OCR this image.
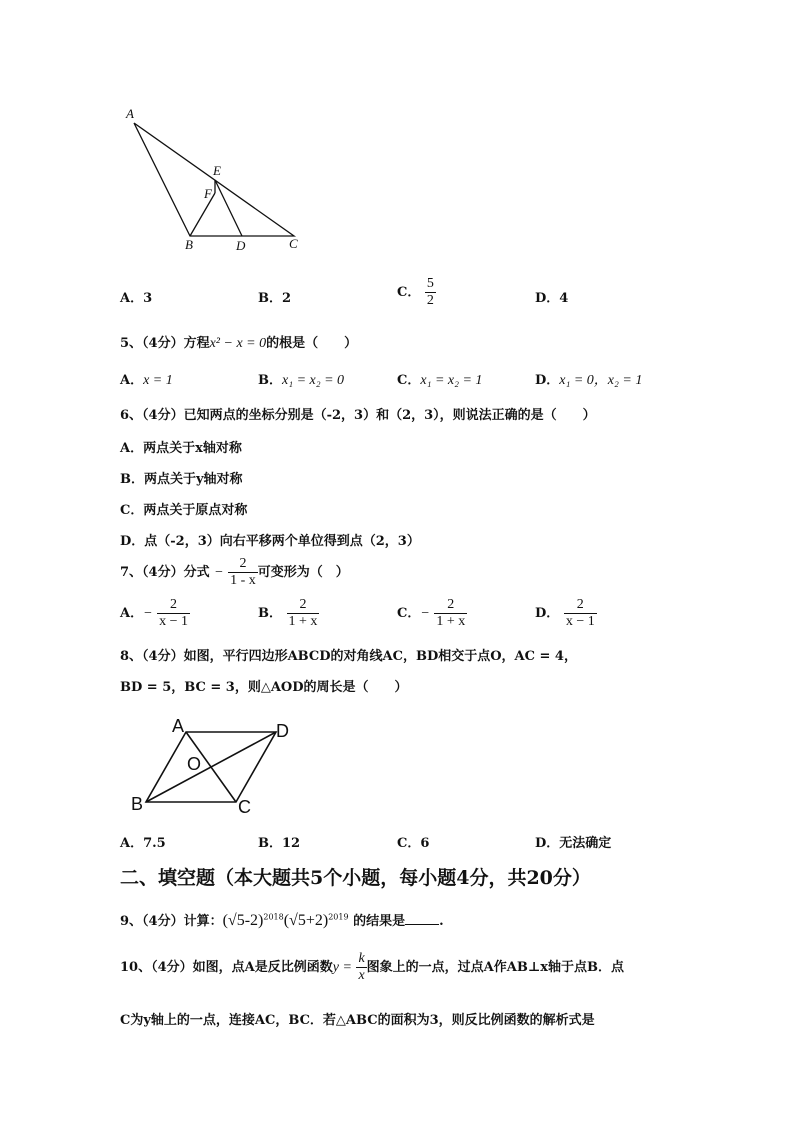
A
E
F
B	D	C
A．3	B．2	C． $\frac{5}{2}$	D．4
5、（4分）方程x² − x = 0的根是（　　）
A．x = 1	B．x₁ = x₂ = 0	C．x₁ = x₂ = 1	D．x₁ = 0，x₂ = 1
6、（4分）已知两点的坐标分别是（-2，3）和（2，3），则说法正确的是（　　）
A．两点关于x轴对称
B．两点关于y轴对称
C．两点关于原点对称
D．点（-2，3）向右平移两个单位得到点（2，3）
7、（4分）分式 − $\frac{2}{1 - x}$ 可变形为（　）
A．− $\frac{2}{x - 1}$	B． $\frac{2}{1 + x}$	C．− $\frac{2}{1 + x}$	D． $\frac{2}{x - 1}$
8、（4分）如图，平行四边形ABCD的对角线AC，BD相交于点O，AC = 4，
BD = 5，BC = 3，则△AOD的周长是（　　）
A	D
O
B	C
A．7.5	B．12	C．6	D．无法确定
二、填空题（本大题共5个小题，每小题4分，共20分）
9、（4分）计算：$(√5-2)^{2018}(√5+2)^{2019}$ 的结果是	.
10、（4分）如图，点A是反比例函数$y = \frac{k}{x}$ 图象上的一点，过点A作AB⊥x轴于点B．点
C为y轴上的一点，连接AC，BC．若△ABC的面积为3，则反比例函数的解析式是
